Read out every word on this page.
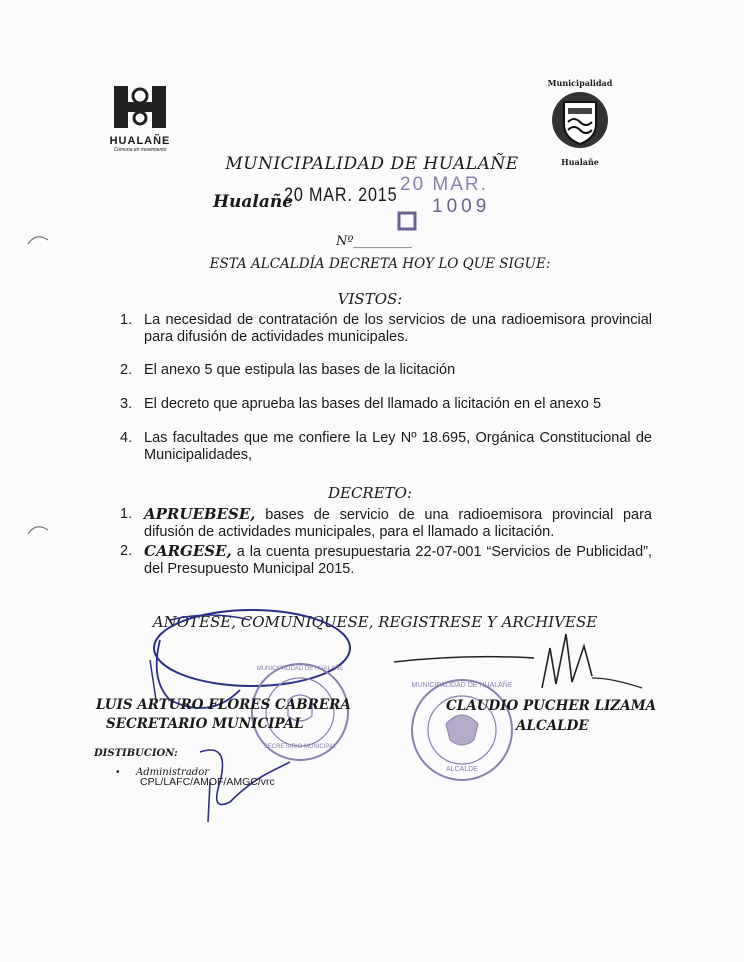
HUALAÑE
Comuna en movimiento
Municipalidad
Hualañe
MUNICIPALIDAD DE HUALAÑE
Hualañe
20 MAR. 2015
20 MAR.
1009
Nº_________
ESTA ALCALDÍA DECRETA HOY LO QUE SIGUE:
VISTOS:
1. La necesidad de contratación de los servicios de una radioemisora provincial para difusión de actividades municipales.
2. El anexo 5 que estipula las bases de la licitación
3. El decreto que aprueba las bases del llamado a licitación en el anexo 5
4. Las facultades que me confiere la Ley Nº 18.695, Orgánica Constitucional de Municipalidades,
DECRETO:
1. APRUEBESE, bases de servicio de una radioemisora provincial para difusión de actividades municipales, para el llamado a licitación.
2. CARGESE, a la cuenta presupuestaria 22-07-001 “Servicios de Publicidad”, del Presupuesto Municipal 2015.
ANOTESE, COMUNIQUESE, REGISTRESE Y ARCHIVESE
MUNICIPALIDAD DE HUALAÑE
SECRETARIO MUNICIPAL
MUNICIPALIDAD DE HUALAÑE
ALCALDE
LUIS ARTURO FLORES CABRERA
SECRETARIO MUNICIPAL
CLAUDIO PUCHER LIZAMA
ALCALDE
DISTIBUCION:
• Administrador
CPL/LAFC/AMOF/AMGC/vrc
